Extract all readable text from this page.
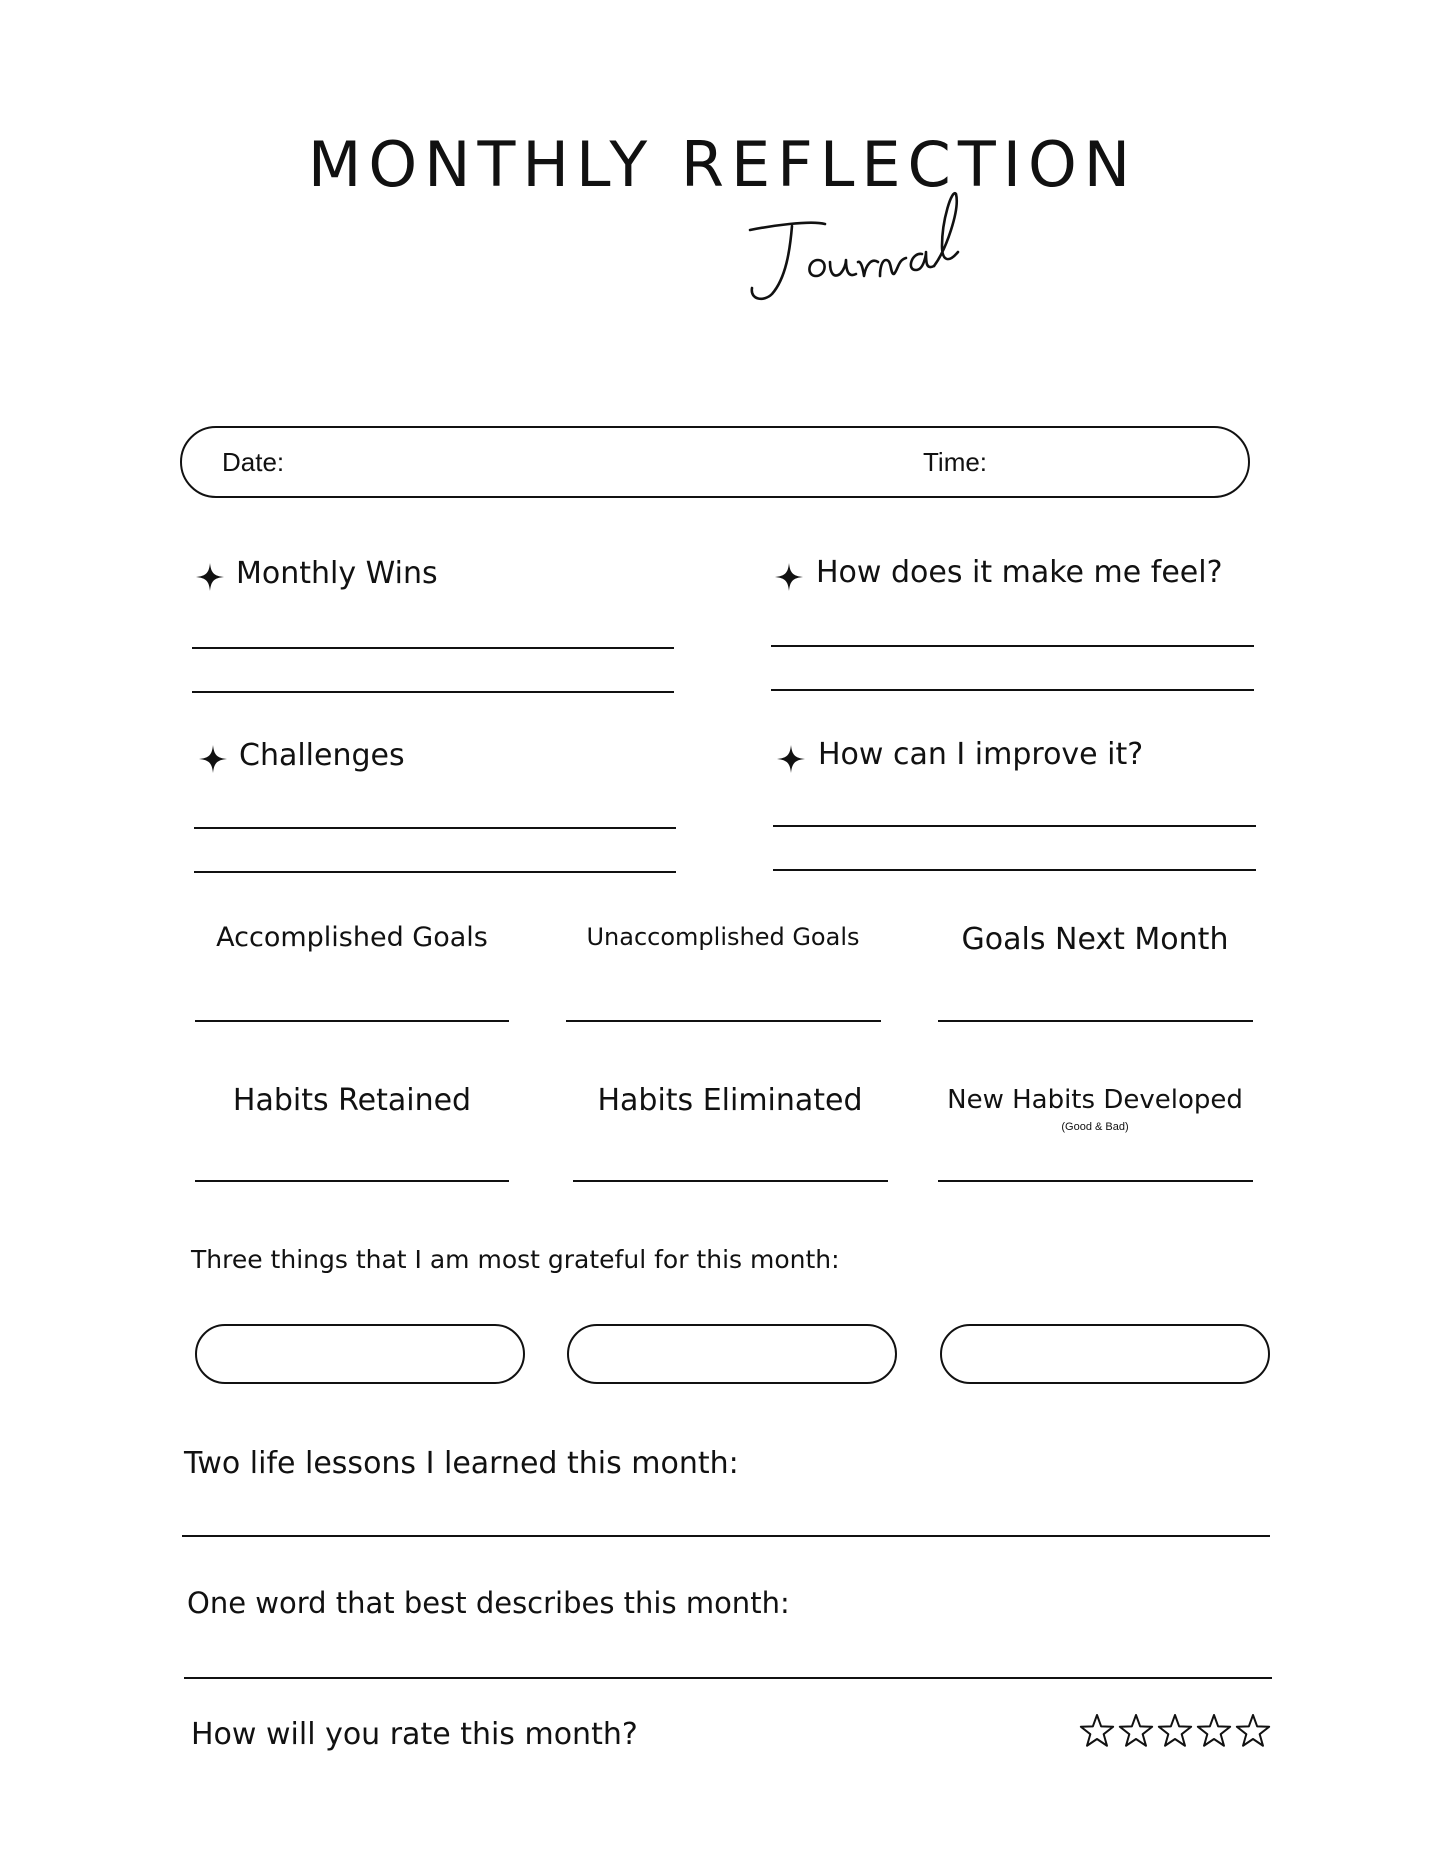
MONTHLY REFLECTION
Date:	Time:
Monthly Wins	How does it make me feel?
Challenges	How can I improve it?
Accomplished Goals	Unaccomplished Goals	Goals Next Month
Habits Retained	Habits Eliminated	New Habits Developed
(Good & Bad)
Three things that I am most grateful for this month:
Two life lessons I learned this month:
One word that best describes this month:
How will you rate this month?
